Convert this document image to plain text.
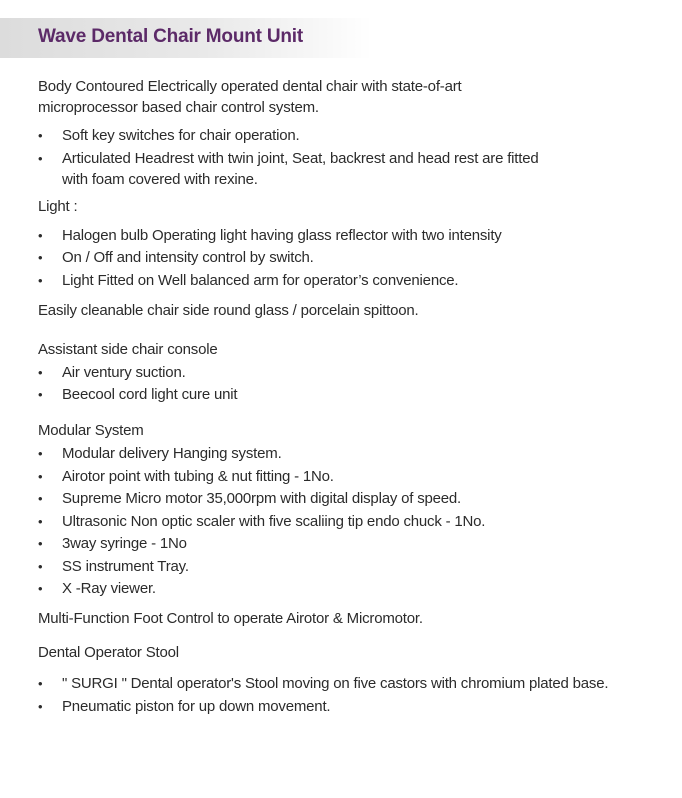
Wave Dental Chair Mount Unit

Body Contoured Electrically operated dental chair with state-of-art
microprocessor based chair control system.

• Soft key switches for chair operation.
• Articulated Headrest with twin joint, Seat, backrest and head rest are fitted
with foam covered with rexine.

Light :

• Halogen bulb Operating light having glass reflector with two intensity
• On / Off and intensity control by switch.
• Light Fitted on Well balanced arm for operator’s convenience.

Easily cleanable chair side round glass / porcelain spittoon.

Assistant side chair console

• Air ventury suction.
• Beecool cord light cure unit

Modular System

• Modular delivery Hanging system.
• Airotor point with tubing & nut fitting - 1No.
• Supreme Micro motor 35,000rpm with digital display of speed.
• Ultrasonic Non optic scaler with five scaliing tip endo chuck - 1No.
• 3way syringe - 1No
• SS instrument Tray.
• X -Ray viewer.

Multi-Function Foot Control to operate Airotor & Micromotor.

Dental Operator Stool

• " SURGI " Dental operator's Stool moving on five castors with chromium plated base.
• Pneumatic piston for up down movement.
